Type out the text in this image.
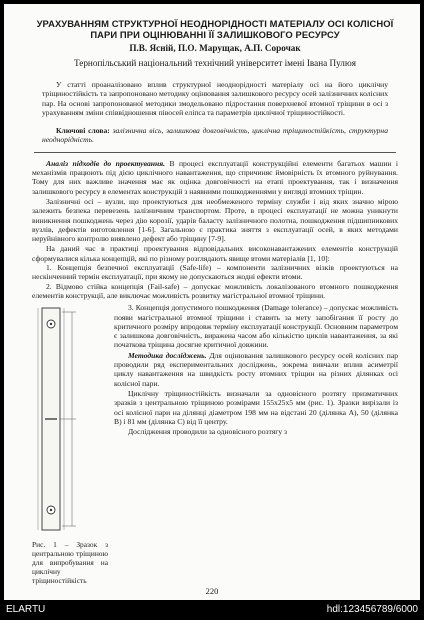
УРАХУВАННЯМ СТРУКТУРНОЇ НЕОДНОРІДНОСТІ МАТЕРІАЛУ ОСІ КОЛІСНОЇ ПАРИ ПРИ ОЦІНЮВАННІ ЇЇ ЗАЛИШКОВОГО РЕСУРСУ
П.В. Ясній, П.О. Марущак, А.П. Сорочак
Тернопільський національний технічний університет імені Івана Пулюя

У статті проаналізовано вплив структурної неоднорідності матеріалу осі на його циклічну тріщиностійкість та запропоновано методику оцінювання залишкового ресурсу осей залізничних колісних пар. На основі запропонованої методики змодельовано підростання поверхневої втомної тріщини в осі з урахуванням зміни співвідношення півосей еліпса та параметрів циклічної тріщиностійкості.

Ключові слова: залізнична вісь, залишкова довговічність, циклічна тріщиностійкість, структурна неоднорідність.

Аналіз підходів до проектування. В процесі експлуатації конструкційні елементи багатьох машин і механізмів працюють під дією циклічного навантаження, що спричиняє ймовірність їх втомного руйнування. Тому для них важливе значення має як оцінка довговічності на етапі проектування, так і визначення залишкового ресурсу в елементах конструкцій з наявними пошкодженнями у вигляді втомних тріщин.

Залізничні осі – вузли, що проектуються для необмеженого терміну служби і від яких значно мірою залежить безпека перевезень залізничним транспортом. Проте, в процесі експлуатації не можна уникнути виникнення пошкоджень через дію корозії, ударів баласту залізничного полотна, пошкодження підшипникових вузлів, дефектів виготовлення [1-6]. Загальною є практика зняття з експлуатації осей, в яких методами неруйнівного контролю виявлено дефект або тріщину [7-9].

На даний час в практиці проектування відповідальних високонавантажених елементів конструкцій сформувалися кілька концепцій, які по різному розглядають явище втоми матеріалів [1, 10]:

1. Концепція безпечної експлуатації (Safe-life) – компоненти залізничних візків проектуються на нескінченний термін експлуатації, при якому не допускаються жодні ефекти втоми.
2. Відмово стійка концепція (Fail-safe) – допускає можливість локалізованого втомного пошкодження елементів конструкції, але виключає можливість розвитку магістральної втомної тріщини.
Рис. 1 – Зразок з центральною тріщиною для випробування на циклічну тріщиностійкість

3. Концепція допустимого пошкодження (Damage tolerance) – допускає можливість появи магістральної втомної тріщини і ставить за мету запобігання її росту до критичного розміру впродовж терміну експлуатації конструкції. Основним параметром є залишкова довговічність, виражена часом або кількістю циклів навантаження, за які початкова тріщина досягне критичної довжини.

Методика досліджень. Для оцінювання залишкового ресурсу осей колісних пар проводили ряд експериментальних досліджень, зокрема вивчали вплив асиметрії циклу навантаження на швидкість росту втомних тріщин на різних ділянках осі колісної пари.

Циклічну тріщиностійкість визначали за одновісного розтягу призматичних зразків з центральною тріщиною розмірами 155х25х5 мм (рис. 1). Зразки вирізали із осі колісної пари на ділянці діаметром 198 мм на відстані 20 (ділянка А), 50 (ділянка B) і 81 мм (ділянка C) від її центру.

Дослідження проводили за одновісного розтягу з

220
ELARTU	hdl:123456789/6000
